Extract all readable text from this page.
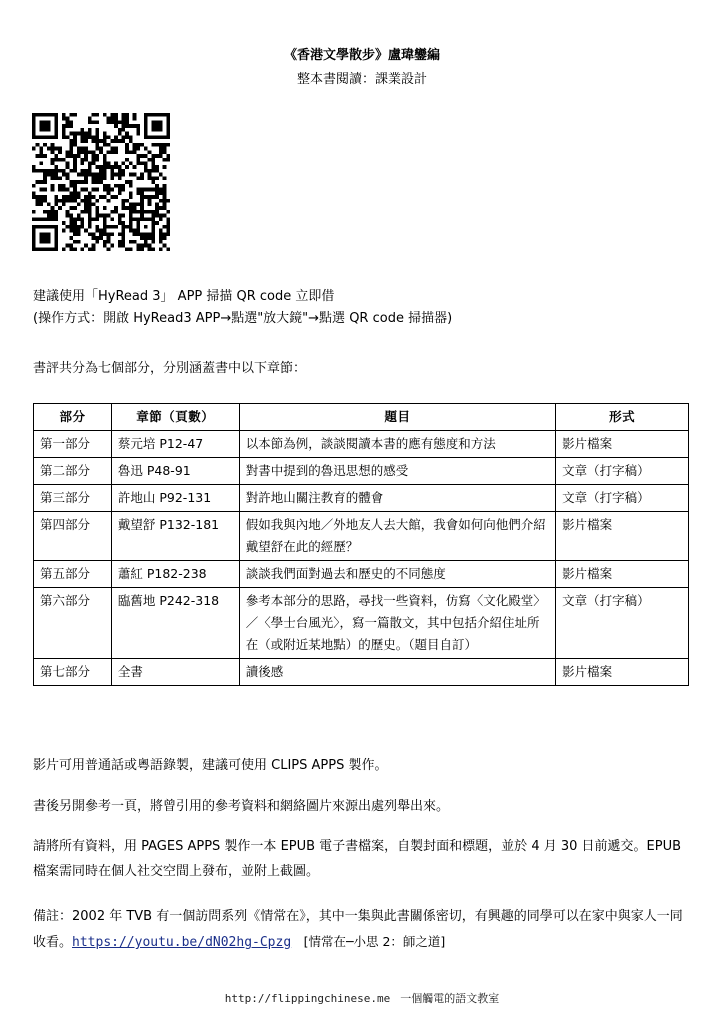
《香港文學散步》盧瑋鑾編
整本書閱讀：課業設計
建議使用「HyRead 3」 APP 掃描 QR code 立即借
(操作方式：開啟 HyRead3 APP→點選"放大鏡"→點選 QR code 掃描器)
書評共分為七個部分，分別涵蓋書中以下章節：
部分	章節（頁數）	題目	形式
第一部分	蔡元培 P12-47	以本節為例，談談閱讀本書的應有態度和方法	影片檔案
第二部分	魯迅 P48-91	對書中提到的魯迅思想的感受	文章（打字稿）
第三部分	許地山 P92-131	對許地山關注教育的體會	文章（打字稿）
第四部分	戴望舒 P132-181	假如我與內地／外地友人去大館，我會如何向他們介紹戴望舒在此的經歷？	影片檔案
第五部分	蕭紅 P182-238	談談我們面對過去和歷史的不同態度	影片檔案
第六部分	臨舊地 P242-318	參考本部分的思路，尋找一些資料，仿寫〈文化殿堂〉／〈學士台風光〉，寫一篇散文，其中包括介紹住址所在（或附近某地點）的歷史。（題目自訂）	文章（打字稿）
第七部分	全書	讀後感	影片檔案
影片可用普通話或粵語錄製，建議可使用 CLIPS APPS 製作。
書後另開參考一頁，將曾引用的參考資料和網絡圖片來源出處列舉出來。
請將所有資料，用 PAGES APPS 製作一本 EPUB 電子書檔案，自製封面和標題，並於 4 月 30 日前遞交。EPUB 檔案需同時在個人社交空間上發布，並附上截圖。
備註：2002 年 TVB 有一個訪問系列《情常在》，其中一集與此書關係密切，有興趣的同學可以在家中與家人一同收看。https://youtu.be/dN02hg-Cpzg [情常在─小思 2：師之道]
http://flippingchinese.me 一個觸電的語文教室
